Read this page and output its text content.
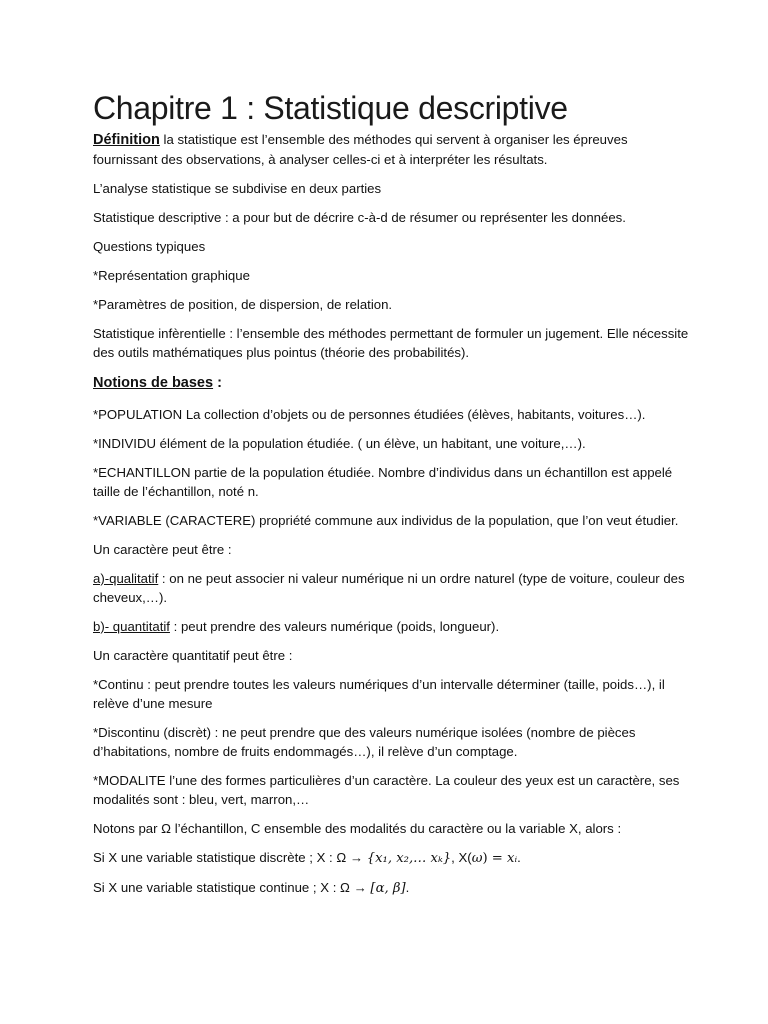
Chapitre 1 : Statistique descriptive

Définition la statistique est l’ensemble des méthodes qui servent à organiser les épreuves fournissant des observations, à analyser celles-ci et à interpréter les résultats.

L’analyse statistique se subdivise en deux parties

Statistique descriptive : a pour but de décrire c-à-d de résumer ou représenter les données.

Questions typiques

*Représentation graphique

*Paramètres de position, de dispersion, de relation.

Statistique infèrentielle : l’ensemble des méthodes permettant de formuler un jugement. Elle nécessite des outils mathématiques plus pointus (théorie des probabilités).

Notions de bases :

*POPULATION La collection d’objets ou de personnes étudiées (élèves, habitants, voitures…).

*INDIVIDU élément de la population étudiée. ( un élève, un habitant, une voiture,…).

*ECHANTILLON partie de la population étudiée. Nombre d’individus dans un échantillon est appelé taille de l’échantillon, noté n.

*VARIABLE (CARACTERE) propriété commune aux individus de la population, que l’on veut étudier.

Un caractère peut être :

a)-qualitatif : on ne peut associer ni valeur numérique ni un ordre naturel (type de voiture, couleur des cheveux,…).

b)- quantitatif : peut prendre des valeurs numérique (poids, longueur).

Un caractère quantitatif peut être :

*Continu : peut prendre toutes les valeurs numériques d’un intervalle déterminer (taille, poids…), il relève d’une mesure

*Discontinu (discrèt) : ne peut prendre que des valeurs numérique isolées (nombre de pièces d’habitations, nombre de fruits endommagés…), il relève d’un comptage.

*MODALITE l’une des formes particulières d’un caractère. La couleur des yeux est un caractère, ses modalités sont : bleu, vert, marron,…

Notons par Ω l’échantillon, C ensemble des modalités du caractère ou la variable X, alors :

Si X une variable statistique discrète ; X : Ω → {x₁, x₂,… xₖ}, X(ω) = xᵢ.

Si X une variable statistique continue ; X : Ω → [α, β].
